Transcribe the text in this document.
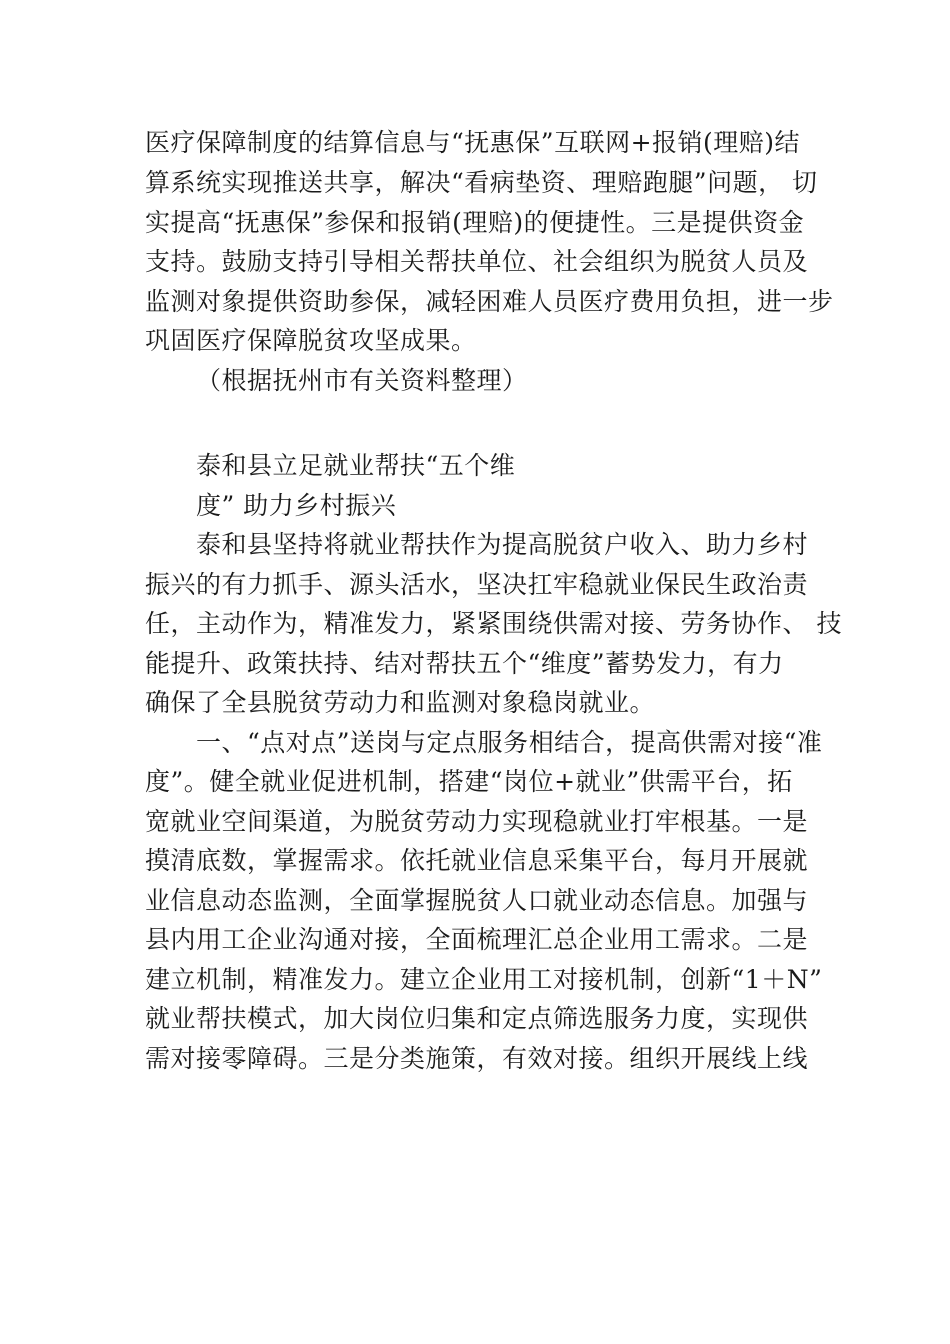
医疗保障制度的结算信息与“抚惠保”互联网+报销(理赔)结
算系统实现推送共享，解决“看病垫资、理赔跑腿”问题， 切
实提高“抚惠保”参保和报销(理赔)的便捷性。三是提供资金
支持。鼓励支持引导相关帮扶单位、社会组织为脱贫人员及
监测对象提供资助参保，减轻困难人员医疗费用负担，进一步
巩固医疗保障脱贫攻坚成果。
（根据抚州市有关资料整理）
泰和县立足就业帮扶“五个维
度” 助力乡村振兴
泰和县坚持将就业帮扶作为提高脱贫户收入、助力乡村
振兴的有力抓手、源头活水，坚决扛牢稳就业保民生政治责
任，主动作为，精准发力，紧紧围绕供需对接、劳务协作、 技
能提升、政策扶持、结对帮扶五个“维度”蓄势发力，有力
确保了全县脱贫劳动力和监测对象稳岗就业。
一、“点对点”送岗与定点服务相结合，提高供需对接“准
度”。健全就业促进机制，搭建“岗位+就业”供需平台，拓
宽就业空间渠道，为脱贫劳动力实现稳就业打牢根基。一是
摸清底数，掌握需求。依托就业信息采集平台，每月开展就
业信息动态监测，全面掌握脱贫人口就业动态信息。加强与
县内用工企业沟通对接，全面梳理汇总企业用工需求。二是
建立机制，精准发力。建立企业用工对接机制，创新“1＋N”
就业帮扶模式，加大岗位归集和定点筛选服务力度，实现供
需对接零障碍。三是分类施策，有效对接。组织开展线上线
